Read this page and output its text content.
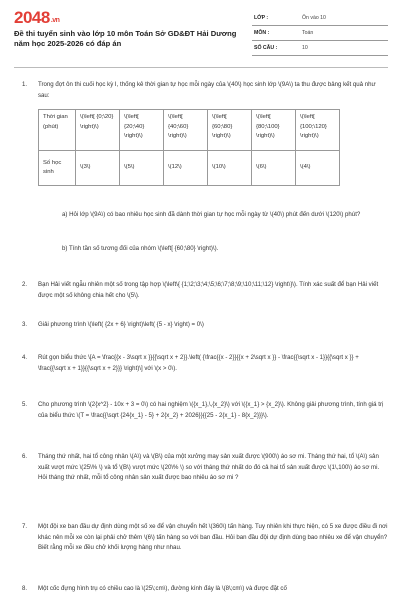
2048.vn
Đề thi tuyển sinh vào lớp 10 môn Toán Sở GD&ĐT Hải Dương năm học 2025-2026 có đáp án
LỚP :	Ôn vào 10
MÔN :	Toán
SỐ CÂU :	10
1. Trong đợt ôn thi cuối học kỳ I, thống kê thời gian tự học mỗi ngày của \(40\) học sinh lớp \(9A\) ta thu được bảng kết quả như sau:
Thời gian (phút)	\(\left[ {0;\20} \right)\)	\(\left[ {20;\40} \right)\)	\(\left[ {40;\60} \right)\)	\(\left[ {60;\80} \right)\)	\(\left[ {80;\100} \right)\)	\(\left[ {100;\120} \right)\)
Số học sinh	\(3\)	\(5\)	\(12\)	\(10\)	\(6\)	\(4\)
a) Hỏi lớp \(9A\) có bao nhiêu học sinh đã dành thời gian tự học mỗi ngày từ \(40\) phút đến dưới \(120\) phút?
b) Tính tần số tương đối của nhóm \(\left[ {60;\80} \right)\).
2. Bạn Hải viết ngẫu nhiên một số trong tập hợp \(\left\{ {1;\2;\3;\4;\5;\6;\7;\8;\9;\10;\11;\12} \right\}\). Tính xác suất để bạn Hải viết được một số không chia hết cho \(5\).
3. Giải phương trình \(\left( {2x + 6} \right)\left( {5 - x} \right) = 0\)
4. Rút gọn biểu thức \[A = \frac{{x - 3\sqrt x }}{{\sqrt x + 2}}.\left( {\frac{{x - 2}}{{x + 2\sqrt x }} - \frac{{\sqrt x - 1}}{{\sqrt x }} + \frac{{\sqrt x + 1}}{{\sqrt x + 2}}} \right)\] với \(x > 0\).
5. Cho phương trình \(2{x^2} - 10x + 3 = 0\) có hai nghiệm \({x_1},\,{x_2}\) với \({x_1} > {x_2}\). Không giải phương trình, tính giá trị của biểu thức \(T = \frac{{\sqrt {24{x_1} - 5} + 2{x_2} + 2026}}{{25 - 2{x_1} - 8{x_2}}}\).
6. Tháng thứ nhất, hai tổ công nhân \(A\) và \(B\) của một xưởng may sản xuất được \(900\) áo sơ mi. Tháng thứ hai, tổ \(A\) sản xuất vượt mức \(25\% \) và tổ \(B\) vượt mức \(20\% \) so với tháng thứ nhất do đó cả hai tổ sản xuất được \(1\,100\) áo sơ mi. Hỏi tháng thứ nhất, mỗi tổ công nhân sản xuất được bao nhiêu áo sơ mi ?
7. Một đội xe ban đầu dự định dùng một số xe để vận chuyển hết \(360\) tấn hàng. Tuy nhiên khi thực hiện, có 5 xe được điều đi nơi khác nên mỗi xe còn lại phải chở thêm \(6\) tấn hàng so với ban đầu. Hỏi ban đầu đội dự định dùng bao nhiêu xe để vận chuyển? Biết rằng mỗi xe đều chở khối lượng hàng như nhau.
8. Một cốc đựng hình trụ có chiều cao là \(25\;cm\), đường kính đáy là \(8\;cm\) và được đặt cố
